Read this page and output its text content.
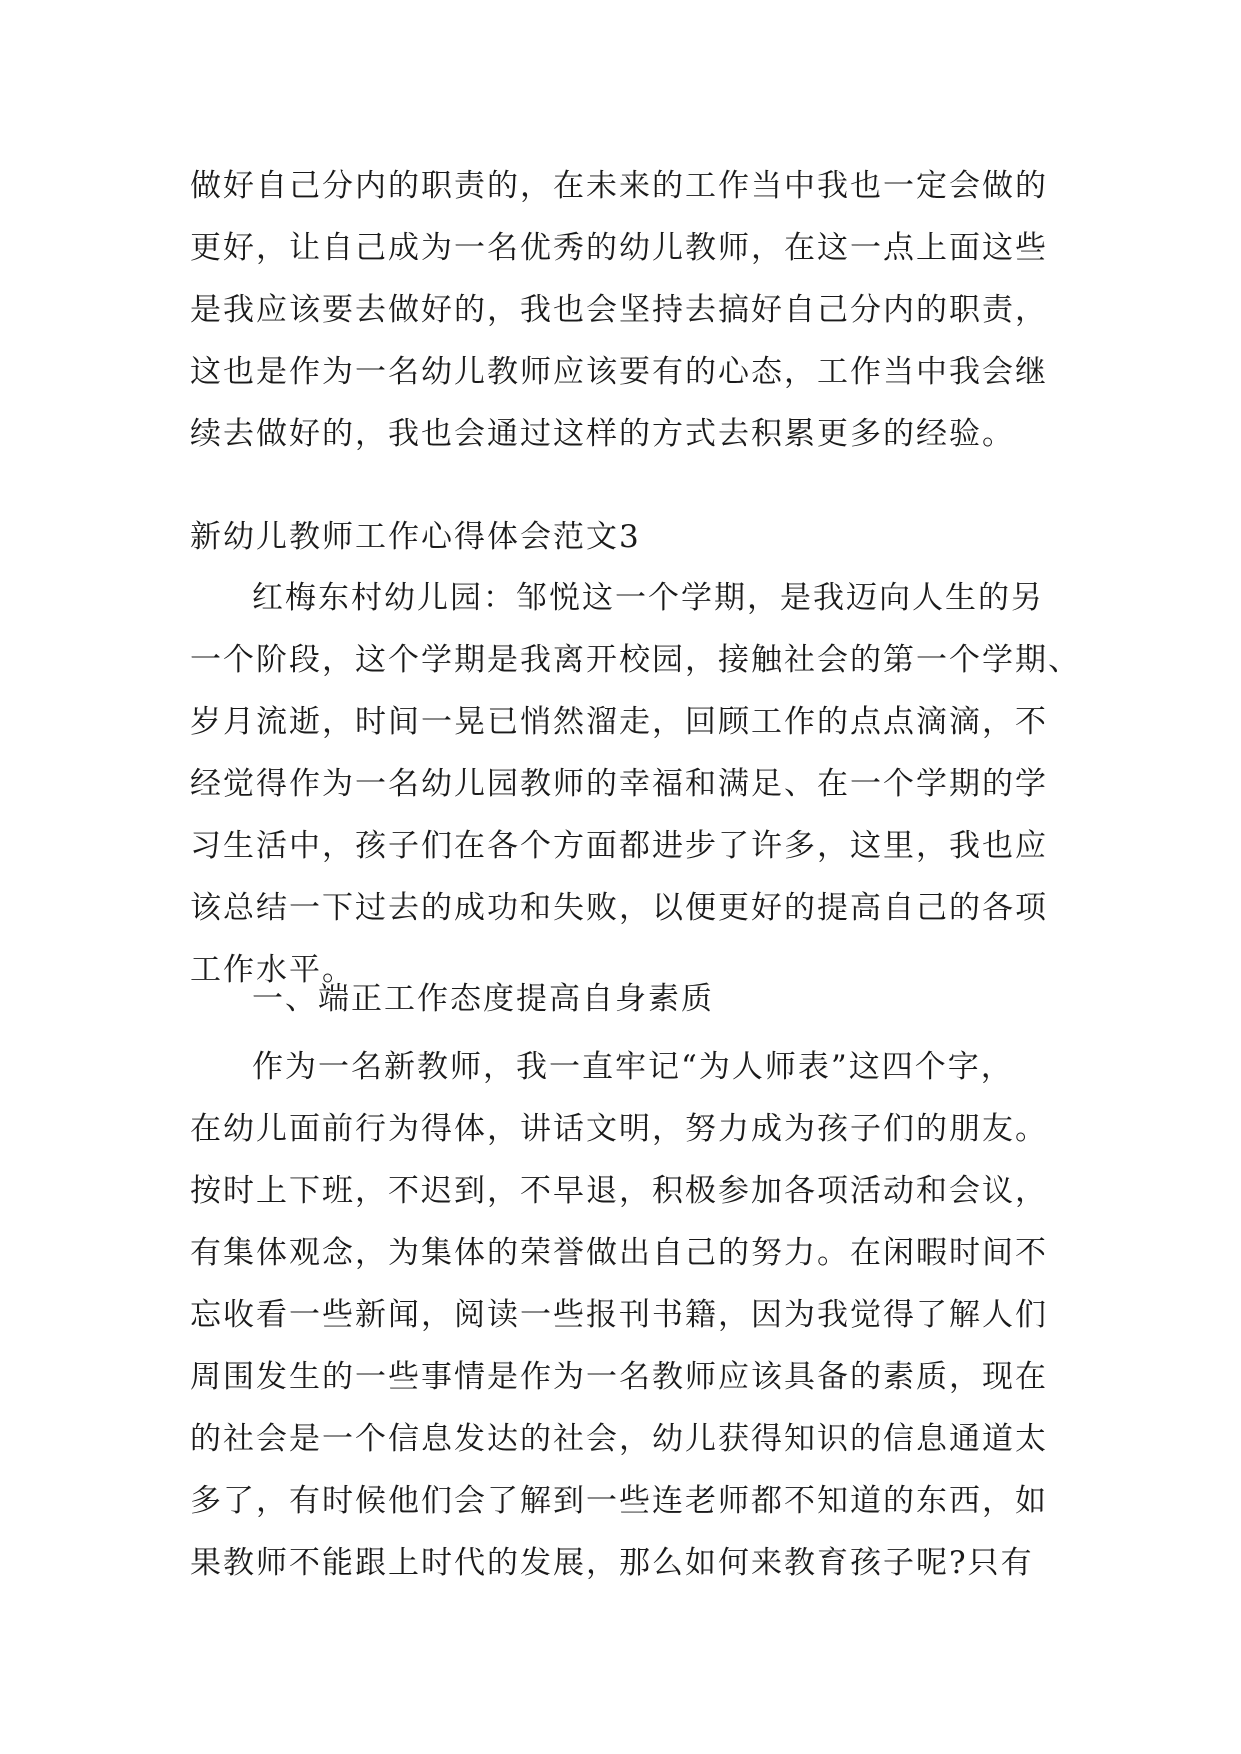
做好自己分内的职责的，在未来的工作当中我也一定会做的
更好，让自己成为一名优秀的幼儿教师，在这一点上面这些
是我应该要去做好的，我也会坚持去搞好自己分内的职责，
这也是作为一名幼儿教师应该要有的心态，工作当中我会继
续去做好的，我也会通过这样的方式去积累更多的经验。
新幼儿教师工作心得体会范文3
红梅东村幼儿园：邹悦这一个学期，是我迈向人生的另
一个阶段，这个学期是我离开校园，接触社会的第一个学期、
岁月流逝，时间一晃已悄然溜走，回顾工作的点点滴滴，不
经觉得作为一名幼儿园教师的幸福和满足、在一个学期的学
习生活中，孩子们在各个方面都进步了许多，这里，我也应
该总结一下过去的成功和失败，以便更好的提高自己的各项
工作水平。
一、端正工作态度提高自身素质
作为一名新教师，我一直牢记“为人师表”这四个字，
在幼儿面前行为得体，讲话文明，努力成为孩子们的朋友。
按时上下班，不迟到，不早退，积极参加各项活动和会议，
有集体观念，为集体的荣誉做出自己的努力。在闲暇时间不
忘收看一些新闻，阅读一些报刊书籍，因为我觉得了解人们
周围发生的一些事情是作为一名教师应该具备的素质，现在
的社会是一个信息发达的社会，幼儿获得知识的信息通道太
多了，有时候他们会了解到一些连老师都不知道的东西，如
果教师不能跟上时代的发展，那么如何来教育孩子呢?只有
